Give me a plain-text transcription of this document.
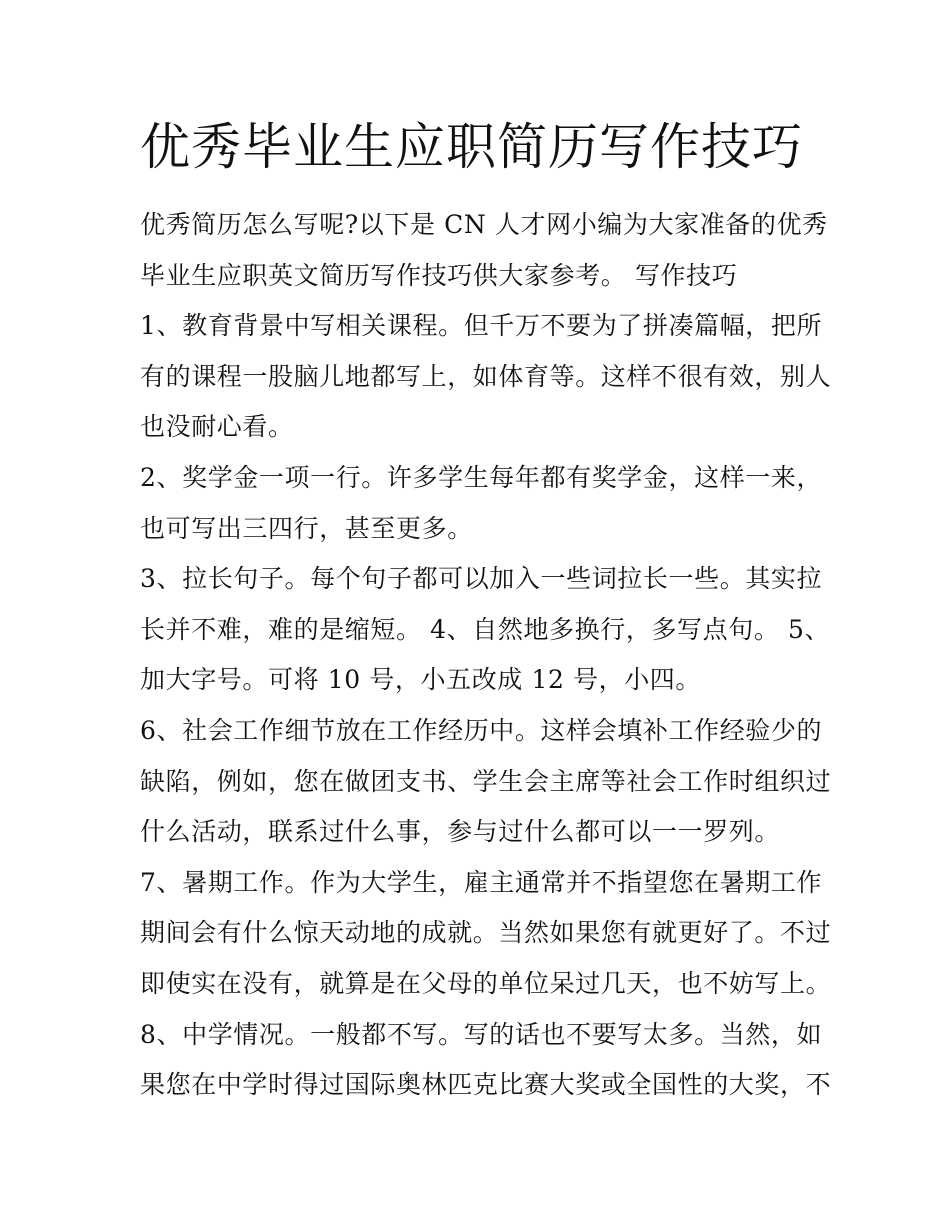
优秀毕业生应职简历写作技巧
优秀简历怎么写呢?以下是 CN 人才网小编为大家准备的优秀
毕业生应职英文简历写作技巧供大家参考。 写作技巧
1、教育背景中写相关课程。但千万不要为了拼凑篇幅，把所
有的课程一股脑儿地都写上，如体育等。这样不很有效，别人
也没耐心看。
2、奖学金一项一行。许多学生每年都有奖学金，这样一来，
也可写出三四行，甚至更多。
3、拉长句子。每个句子都可以加入一些词拉长一些。其实拉
长并不难，难的是缩短。 4、自然地多换行，多写点句。 5、
加大字号。可将 10 号，小五改成 12 号，小四。
6、社会工作细节放在工作经历中。这样会填补工作经验少的
缺陷，例如，您在做团支书、学生会主席等社会工作时组织过
什么活动，联系过什么事，参与过什么都可以一一罗列。
7、暑期工作。作为大学生，雇主通常并不指望您在暑期工作
期间会有什么惊天动地的成就。当然如果您有就更好了。不过
即使实在没有，就算是在父母的单位呆过几天，也不妨写上。
8、中学情况。一般都不写。写的话也不要写太多。当然，如
果您在中学时得过国际奥林匹克比赛大奖或全国性的大奖，不
